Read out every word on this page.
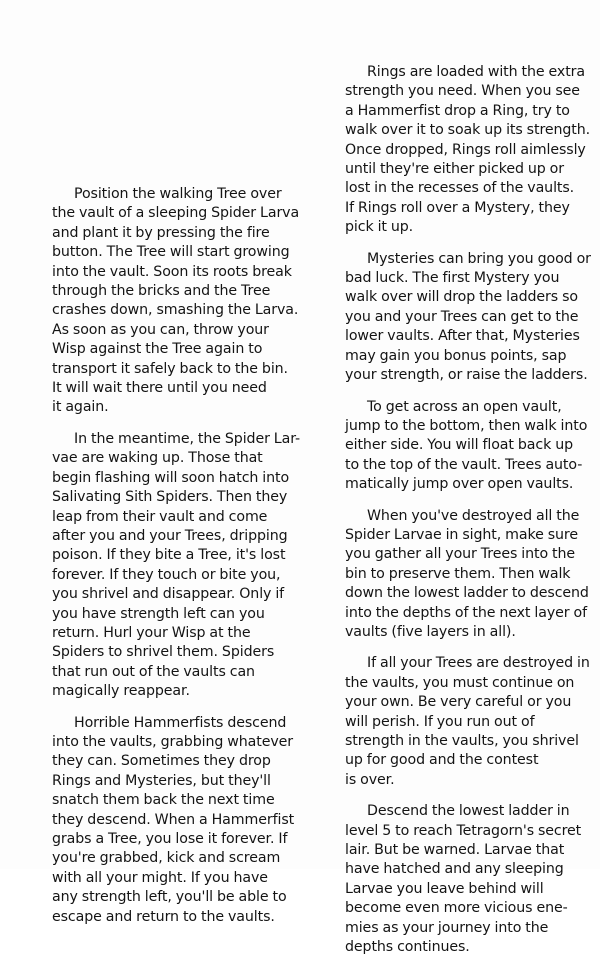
Position the walking Tree over
the vault of a sleeping Spider Larva
and plant it by pressing the fire
button. The Tree will start growing
into the vault. Soon its roots break
through the bricks and the Tree
crashes down, smashing the Larva.
As soon as you can, throw your
Wisp against the Tree again to
transport it safely back to the bin.
It will wait there until you need
it again.
In the meantime, the Spider Lar-
vae are waking up. Those that
begin flashing will soon hatch into
Salivating Sith Spiders. Then they
leap from their vault and come
after you and your Trees, dripping
poison. If they bite a Tree, it's lost
forever. If they touch or bite you,
you shrivel and disappear. Only if
you have strength left can you
return. Hurl your Wisp at the
Spiders to shrivel them. Spiders
that run out of the vaults can
magically reappear.
Horrible Hammerfists descend
into the vaults, grabbing whatever
they can. Sometimes they drop
Rings and Mysteries, but they'll
snatch them back the next time
they descend. When a Hammerfist
grabs a Tree, you lose it forever. If
you're grabbed, kick and scream
with all your might. If you have
any strength left, you'll be able to
escape and return to the vaults.
Rings are loaded with the extra
strength you need. When you see
a Hammerfist drop a Ring, try to
walk over it to soak up its strength.
Once dropped, Rings roll aimlessly
until they're either picked up or
lost in the recesses of the vaults.
If Rings roll over a Mystery, they
pick it up.
Mysteries can bring you good or
bad luck. The first Mystery you
walk over will drop the ladders so
you and your Trees can get to the
lower vaults. After that, Mysteries
may gain you bonus points, sap
your strength, or raise the ladders.
To get across an open vault,
jump to the bottom, then walk into
either side. You will float back up
to the top of the vault. Trees auto-
matically jump over open vaults.
When you've destroyed all the
Spider Larvae in sight, make sure
you gather all your Trees into the
bin to preserve them. Then walk
down the lowest ladder to descend
into the depths of the next layer of
vaults (five layers in all).
If all your Trees are destroyed in
the vaults, you must continue on
your own. Be very careful or you
will perish. If you run out of
strength in the vaults, you shrivel
up for good and the contest
is over.
Descend the lowest ladder in
level 5 to reach Tetragorn's secret
lair. But be warned. Larvae that
have hatched and any sleeping
Larvae you leave behind will
become even more vicious ene-
mies as your journey into the
depths continues.
